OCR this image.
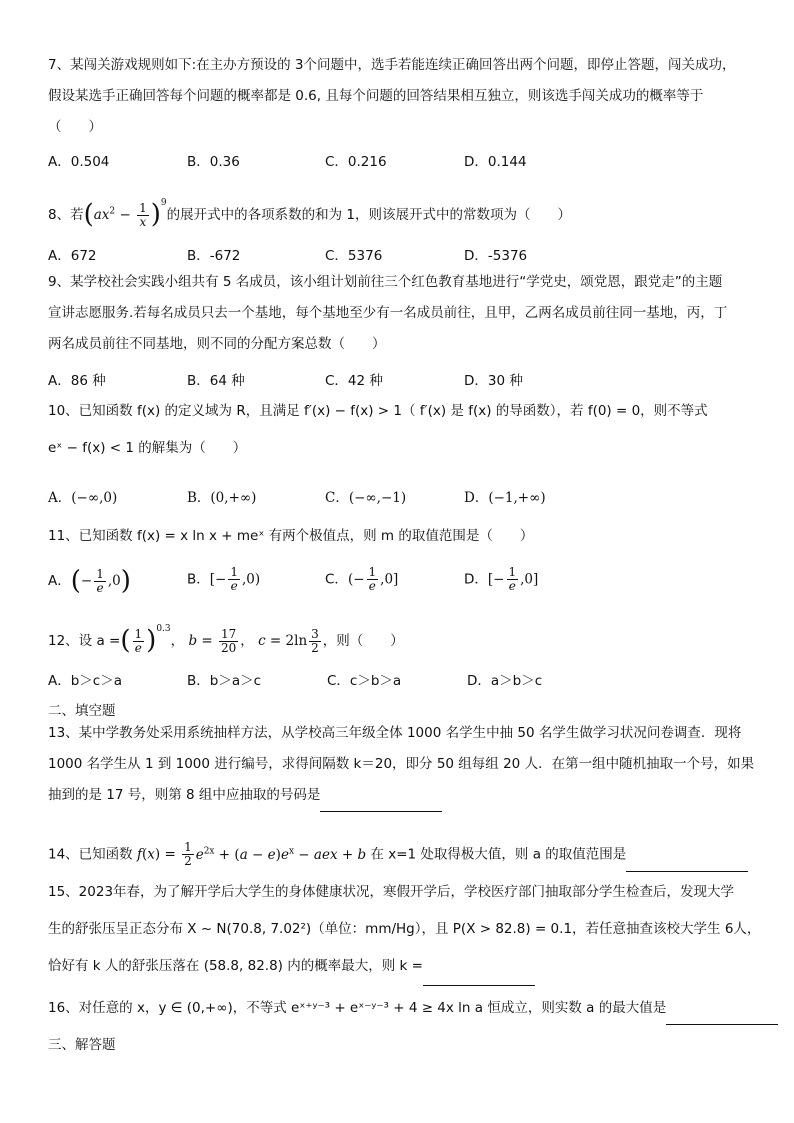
7、某闯关游戏规则如下:在主办方预设的 3个问题中，选手若能连续正确回答出两个问题，即停止答题，闯关成功，
假设某选手正确回答每个问题的概率都是 0.6, 且每个问题的回答结果相互独立，则该选手闯关成功的概率等于
（　　）
A．0.504	B．0.36	C．0.216	D．0.144
8、若$(ax^2 - \frac{1}{x} )^9$的展开式中的各项系数的和为 1，则该展开式中的常数项为（　　）
A．672	B．-672	C．5376	D．-5376
9、某学校社会实践小组共有 5 名成员，该小组计划前往三个红色教育基地进行“学党史，颂党恩，跟党走”的主题
宣讲志愿服务.若每名成员只去一个基地，每个基地至少有一名成员前往，且甲，乙两名成员前往同一基地，丙，丁
两名成员前往不同基地，则不同的分配方案总数（　　）
A．86 种	B．64 种	C．42 种	D．30 种
10、已知函数 f(x) 的定义域为 R，且满足 f′(x) − f(x) > 1（ f′(x) 是 f(x) 的导函数），若 f(0) = 0，则不等式
eˣ − f(x) < 1 的解集为（　　）
A．(−∞,0)	B．(0,+∞)	C．(−∞,−1)	D．(−1,+∞)
11、已知函数 f(x) = x ln x + meˣ 有两个极值点，则 m 的取值范围是（　　）
A．(− $\frac{1}{e} ,0$)	B．[− $\frac{1}{e} ,0$)	C．(− $\frac{1}{e} ,0$]	D．[− $\frac{1}{e} ,0$]
12、设 a =( $\frac{1}{e} )^{0.3}$， $b = \frac{17}{20}$ ， $c = 2\ln \frac{3}{2}$ ，则（　　）
A．b＞c＞a	B．b＞a＞c	C．c＞b＞a	D．a＞b＞c
二、填空题
13、某中学教务处采用系统抽样方法，从学校高三年级全体 1000 名学生中抽 50 名学生做学习状况问卷调查．现将
1000 名学生从 1 到 1000 进行编号，求得间隔数 k＝20，即分 50 组每组 20 人．在第一组中随机抽取一个号，如果
抽到的是 17 号，则第 8 组中应抽取的号码是
14、已知函数 $f(x) = \frac{1}{2} e^{2x} + (a - e)e^x$ − aex + b 在 x=1 处取得极大值，则 a 的取值范围是
15、2023年春，为了解开学后大学生的身体健康状况，寒假开学后，学校医疗部门抽取部分学生检查后，发现大学
生的舒张压呈正态分布 X ~ N(70.8, 7.02²)（单位：mm/Hg），且 P(X > 82.8) = 0.1，若任意抽查该校大学生 6人，
恰好有 k 人的舒张压落在 (58.8, 82.8) 内的概率最大，则 k =
16、对任意的 x，y ∈ (0,+∞)，不等式 eˣ⁺ʸ⁻³ + eˣ⁻ʸ⁻³ + 4 ≥ 4x ln a 恒成立，则实数 a 的最大值是
三、解答题
